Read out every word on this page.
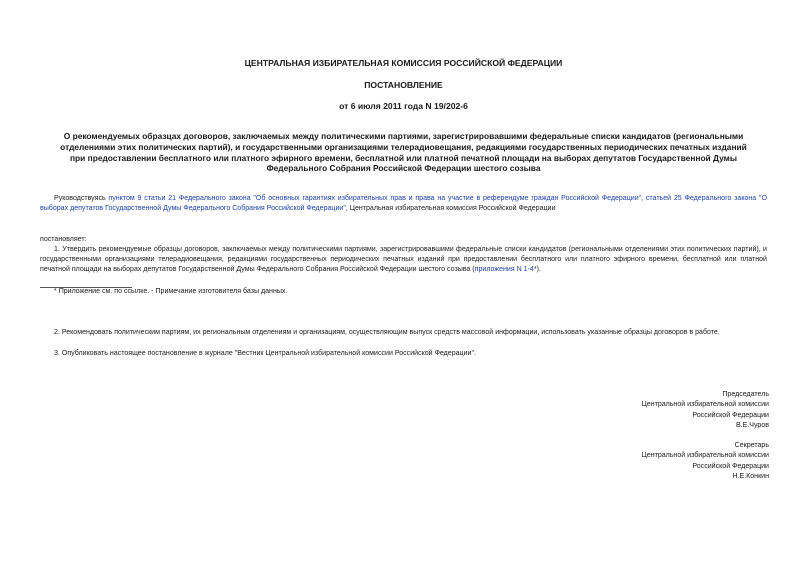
ЦЕНТРАЛЬНАЯ ИЗБИРАТЕЛЬНАЯ КОМИССИЯ РОССИЙСКОЙ ФЕДЕРАЦИИ
ПОСТАНОВЛЕНИЕ
от 6 июля 2011 года N 19/202-6
О рекомендуемых образцах договоров, заключаемых между политическими партиями, зарегистрировавшими федеральные списки кандидатов (региональными
отделениями этих политических партий), и государственными организациями телерадиовещания, редакциями государственных периодических печатных изданий
при предоставлении бесплатного или платного эфирного времени, бесплатной или платной печатной площади на выборах депутатов Государственной Думы
Федерального Собрания Российской Федерации шестого созыва
Руководствуясь пунктом 9 статьи 21 Федерального закона "Об основных гарантиях избирательных прав и права на участие в референдуме граждан Российской Федерации", статьей 25 Федерального закона "О выборах депутатов Государственной Думы Федерального Собрания Российской Федерации", Центральная избирательная комиссия Российской Федерации
постановляет:
1. Утвердить рекомендуемые образцы договоров, заключаемых между политическими партиями, зарегистрировавшими федеральные списки кандидатов (региональными отделениями этих политических партий), и государственными организациями телерадиовещания, редакциями государственных периодических печатных изданий при предоставлении бесплатного или платного эфирного времени, бесплатной или платной печатной площади на выборах депутатов Государственной Думы Федерального Собрания Российской Федерации шестого созыва (приложения N 1-4*).
* Приложение см. по ссылке. - Примечание изготовителя базы данных.
2. Рекомендовать политическим партиям, их региональным отделениям и организациям, осуществляющим выпуск средств массовой информации, использовать указанные образцы договоров в работе.
3. Опубликовать настоящее постановление в журнале "Вестник Центральной избирательной комиссии Российской Федерации".
Председатель
Центральной избирательной комиссии
Российской Федерации
В.Е.Чуров
Секретарь
Центральной избирательной комиссии
Российской Федерации
Н.Е.Конкин
